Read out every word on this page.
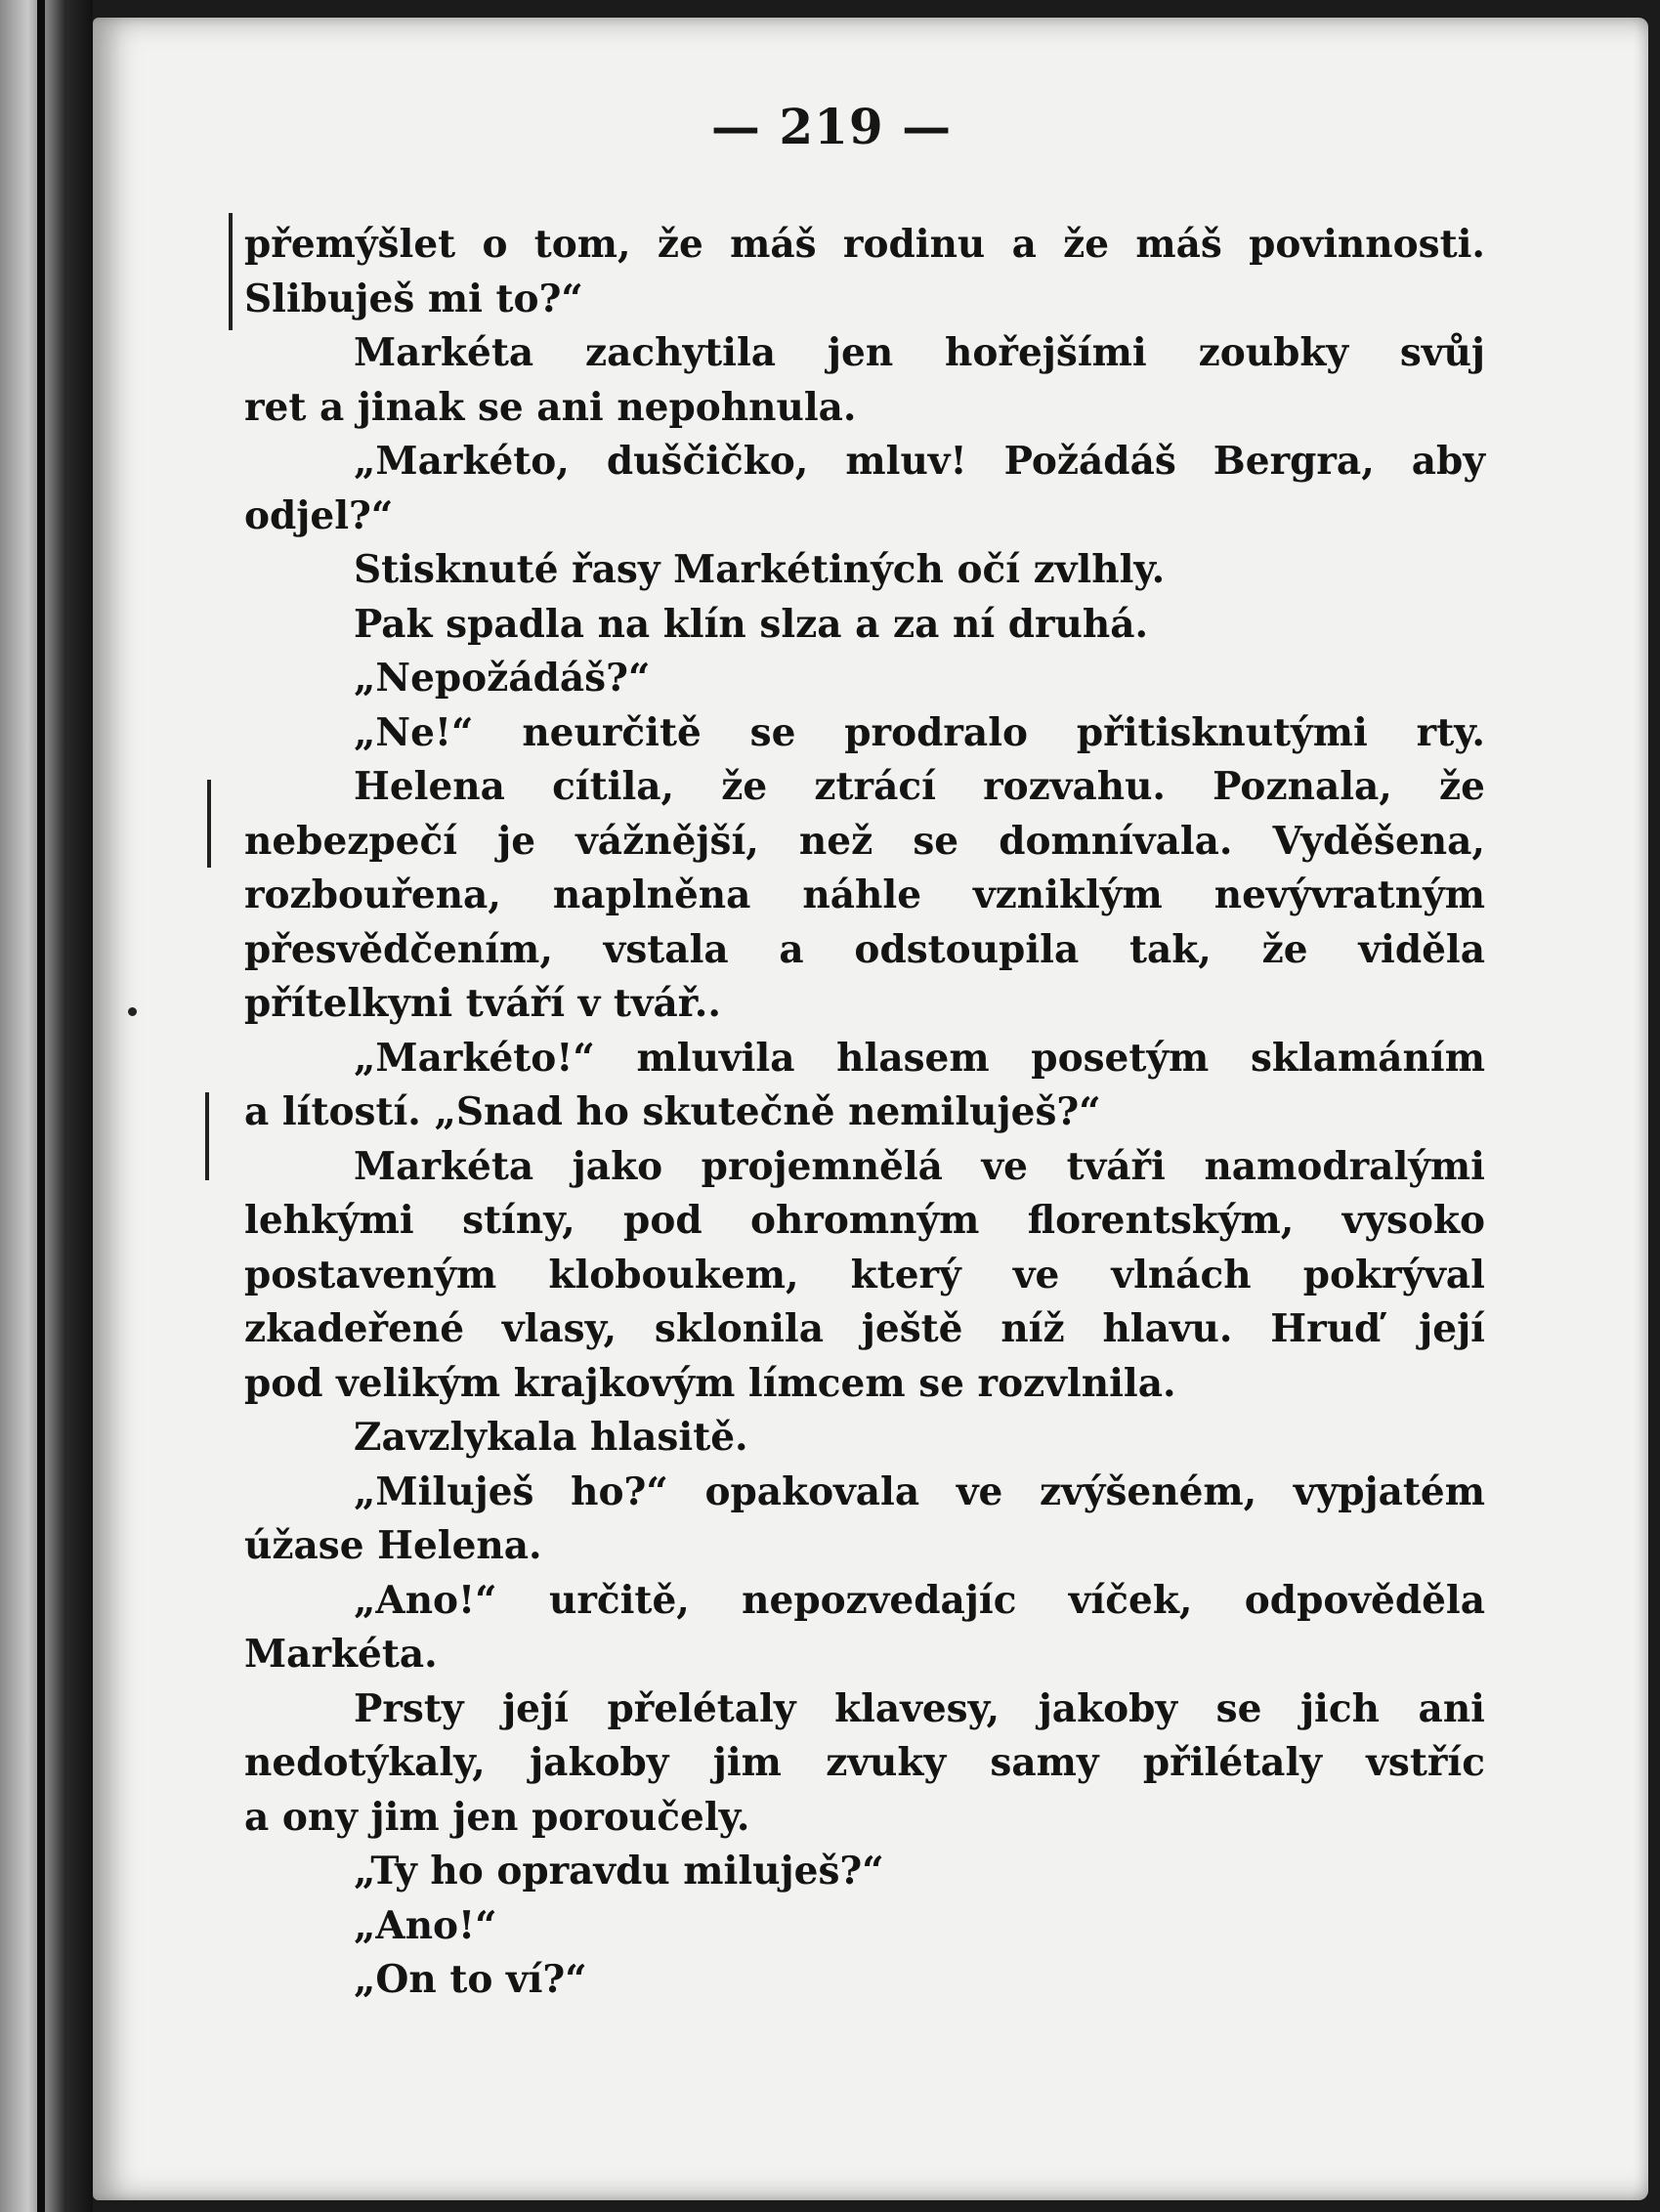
— 219 —
přemýšlet o tom, že máš rodinu a že máš povinnosti.
Slibuješ mi to?“
Markéta zachytila jen hořejšími zoubky svůj
ret a jinak se ani nepohnula.
„Markéto, duščičko, mluv! Požádáš Bergra, aby
odjel?“
Stisknuté řasy Markétiných očí zvlhly.
Pak spadla na klín slza a za ní druhá.
„Nepožádáš?“
„Ne!“ neurčitě se prodralo přitisknutými rty.
Helena cítila, že ztrácí rozvahu. Poznala, že
nebezpečí je vážnější, než se domnívala. Vyděšena,
rozbouřena, naplněna náhle vzniklým nevývratným
přesvědčením, vstala a odstoupila tak, že viděla
přítelkyni tváří v tvář..
„Markéto!“ mluvila hlasem posetým sklamáním
a lítostí. „Snad ho skutečně nemiluješ?“
Markéta jako projemnělá ve tváři namodralými
lehkými stíny, pod ohromným florentským, vysoko
postaveným kloboukem, který ve vlnách pokrýval
zkadeřené vlasy, sklonila ještě níž hlavu. Hruď její
pod velikým krajkovým límcem se rozvlnila.
Zavzlykala hlasitě.
„Miluješ ho?“ opakovala ve zvýšeném, vypjatém
úžase Helena.
„Ano!“ určitě, nepozvedajíc víček, odpověděla
Markéta.
Prsty její přelétaly klavesy, jakoby se jich ani
nedotýkaly, jakoby jim zvuky samy přilétaly vstříc
a ony jim jen poroučely.
„Ty ho opravdu miluješ?“
„Ano!“
„On to ví?“
